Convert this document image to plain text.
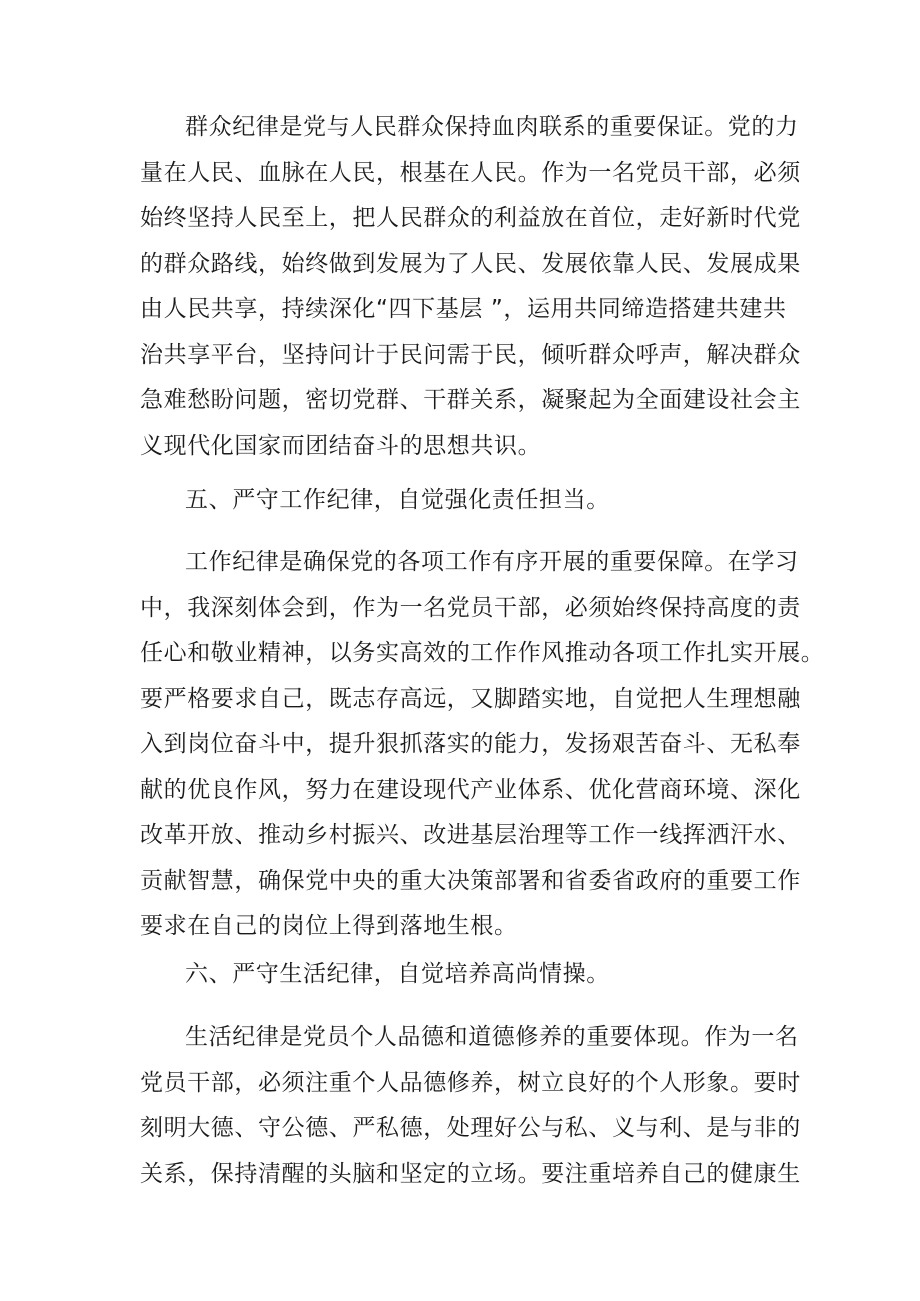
群众纪律是党与人民群众保持血肉联系的重要保证。党的力
量在人民、血脉在人民，根基在人民。作为一名党员干部，必须
始终坚持人民至上，把人民群众的利益放在首位，走好新时代党
的群众路线，始终做到发展为了人民、发展依靠人民、发展成果
由人民共享，持续深化“四下基层 ”，运用共同缔造搭建共建共
治共享平台，坚持问计于民问需于民，倾听群众呼声，解决群众
急难愁盼问题，密切党群、干群关系，凝聚起为全面建设社会主
义现代化国家而团结奋斗的思想共识。
五、严守工作纪律，自觉强化责任担当。
工作纪律是确保党的各项工作有序开展的重要保障。在学习
中，我深刻体会到，作为一名党员干部，必须始终保持高度的责
任心和敬业精神，以务实高效的工作作风推动各项工作扎实开展。
要严格要求自己，既志存高远，又脚踏实地，自觉把人生理想融
入到岗位奋斗中，提升狠抓落实的能力，发扬艰苦奋斗、无私奉
献的优良作风，努力在建设现代产业体系、优化营商环境、深化
改革开放、推动乡村振兴、改进基层治理等工作一线挥洒汗水、
贡献智慧，确保党中央的重大决策部署和省委省政府的重要工作
要求在自己的岗位上得到落地生根。
六、严守生活纪律，自觉培养高尚情操。
生活纪律是党员个人品德和道德修养的重要体现。作为一名
党员干部，必须注重个人品德修养，树立良好的个人形象。要时
刻明大德、守公德、严私德，处理好公与私、义与利、是与非的
关系，保持清醒的头脑和坚定的立场。要注重培养自己的健康生
